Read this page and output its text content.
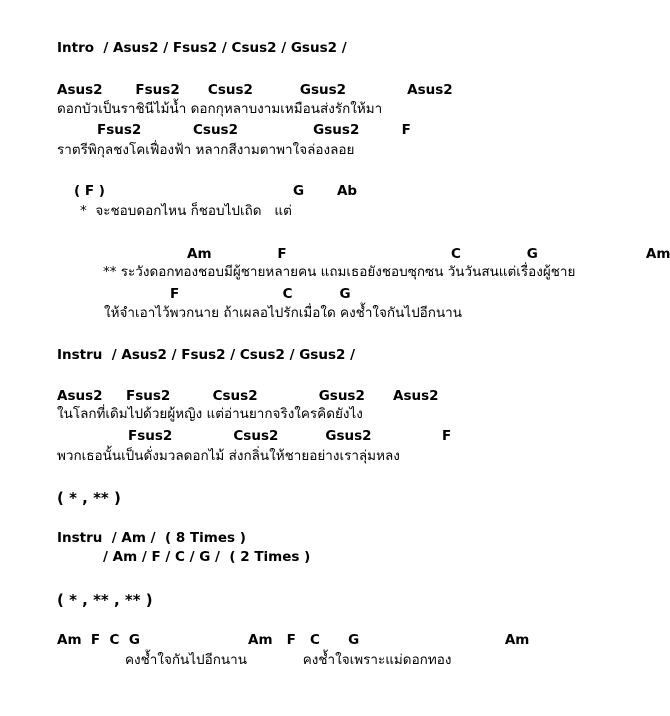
Intro  / Asus2 / Fsus2 / Csus2 / Gsus2 /
Asus2       Fsus2      Csus2          Gsus2             Asus2
ดอกบัวเป็นราชินีไม้น้ำ ดอกกุหลาบงามเหมือนส่งรักให้มา
Fsus2           Csus2                Gsus2         F
ราตรีพิกุลชงโคเฟื่องฟ้า หลากสีงามตาพาใจล่องลอย
( F )                                        G       Ab
*  จะชอบดอกไหน ก็ชอบไปเถิด   แต่
Am              F                                   C              G                       Am
** ระวังดอกทองชอบมีผู้ชายหลายคน แถมเธอยังชอบซุกซน วันวันสนแต่เรื่องผู้ชาย
F                      C          G
ให้จำเอาไว้พวกนาย ถ้าเผลอไปรักเมื่อใด คงช้ำใจกันไปอีกนาน
Instru  / Asus2 / Fsus2 / Csus2 / Gsus2 /
Asus2     Fsus2         Csus2             Gsus2      Asus2
ในโลกที่เดิมไปด้วยผู้หญิง แต่อ่านยากจริงใครคิดยังไง
Fsus2             Csus2          Gsus2               F
พวกเธอนั้นเป็นดั่งมวลดอกไม้ ส่งกลิ่นให้ชายอย่างเราลุ่มหลง
( * , ** )
Instru  / Am /  ( 8 Times )
/ Am / F / C / G /  ( 2 Times )
( * , ** , ** )
Am  F  C  G                       Am   F   C      G                               Am
คงช้ำใจกันไปอีกนาน             คงช้ำใจเพราะแม่ดอกทอง
